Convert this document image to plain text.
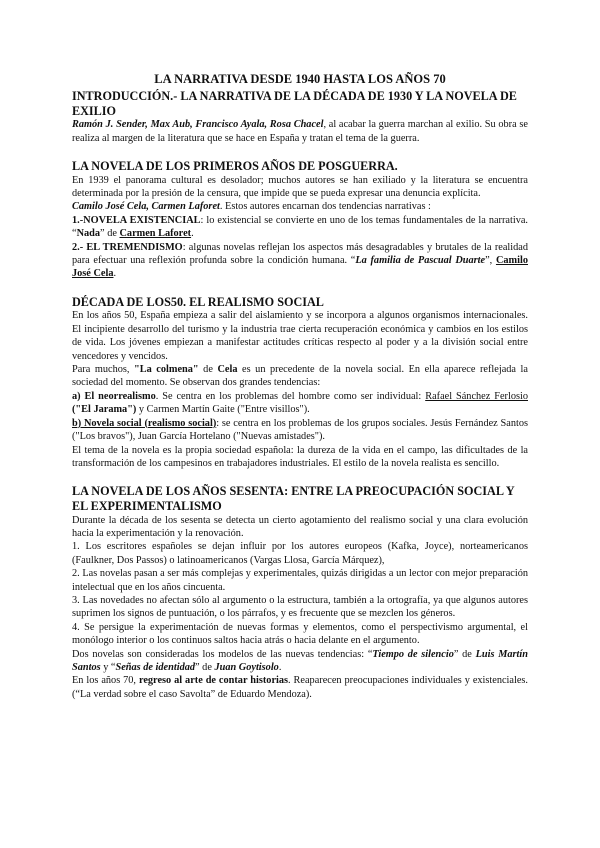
LA NARRATIVA DESDE 1940 HASTA LOS AÑOS 70
INTRODUCCIÓN.- LA NARRATIVA DE LA DÉCADA DE 1930 Y LA NOVELA DE EXILIO

Ramón J. Sender, Max Aub, Francisco Ayala, Rosa Chacel, al acabar la guerra marchan al exilio. Su obra se realiza al margen de la literatura que se hace en España y tratan el tema de la guerra.

LA NOVELA DE LOS PRIMEROS AÑOS DE POSGUERRA.

En 1939 el panorama cultural es desolador; muchos autores se han exiliado y la literatura se encuentra determinada por la presión de la censura, que impide que se pueda expresar una denuncia explícita.
Camilo José Cela, Carmen Laforet. Estos autores encarnan dos tendencias narrativas :

1.-NOVELA EXISTENCIAL: lo existencial se convierte en uno de los temas fundamentales de la narrativa. “Nada” de Carmen Laforet.

2.- EL TREMENDISMO: algunas novelas reflejan los aspectos más desagradables y brutales de la realidad para efectuar una reflexión profunda sobre la condición humana. “La familia de Pascual Duarte”, Camilo José Cela.

DÉCADA DE LOS50. EL REALISMO SOCIAL

En los años 50, España empieza a salir del aislamiento y se incorpora a algunos organismos internacionales. El incipiente desarrollo del turismo y la industria trae cierta recuperación económica y cambios en los estilos de vida. Los jóvenes empiezan a manifestar actitudes críticas respecto al poder y a la división social entre vencedores y vencidos.

Para muchos, "La colmena" de Cela es un precedente de la novela social. En ella aparece reflejada la sociedad del momento. Se observan dos grandes tendencias:

a) El neorrealismo. Se centra en los problemas del hombre como ser individual: Rafael Sánchez Ferlosio ("El Jarama") y Carmen Martín Gaite ("Entre visillos").

b) Novela social (realismo social): se centra en los problemas de los grupos sociales. Jesús Fernández Santos ("Los bravos"), Juan García Hortelano ("Nuevas amistades").

El tema de la novela es la propia sociedad española: la dureza de la vida en el campo, las dificultades de la transformación de los campesinos en trabajadores industriales. El estilo de la novela realista es sencillo.

LA NOVELA DE LOS AÑOS SESENTA: ENTRE LA PREOCUPACIÓN SOCIAL Y EL EXPERIMENTALISMO

Durante la década de los sesenta se detecta un cierto agotamiento del realismo social y una clara evolución hacia la experimentación y la renovación.

1. Los escritores españoles se dejan influir por los autores europeos (Kafka, Joyce), norteamericanos (Faulkner, Dos Passos) o latinoamericanos (Vargas Llosa, García Márquez),

2. Las novelas pasan a ser más complejas y experimentales, quizás dirigidas a un lector con mejor preparación intelectual que en los años cincuenta.

3. Las novedades no afectan sólo al argumento o la estructura, también a la ortografía, ya que algunos autores suprimen los signos de puntuación, o los párrafos, y es frecuente que se mezclen los géneros.

4. Se persigue la experimentación de nuevas formas y elementos, como el perspectivismo argumental, el monólogo interior o los continuos saltos hacia atrás o hacia delante en el argumento.

Dos novelas son consideradas los modelos de las nuevas tendencias: “Tiempo de silencio” de Luis Martín Santos y “Señas de identidad” de Juan Goytisolo.

En los años 70, regreso al arte de contar historias. Reaparecen preocupaciones individuales y existenciales. (“La verdad sobre el caso Savolta” de Eduardo Mendoza).
